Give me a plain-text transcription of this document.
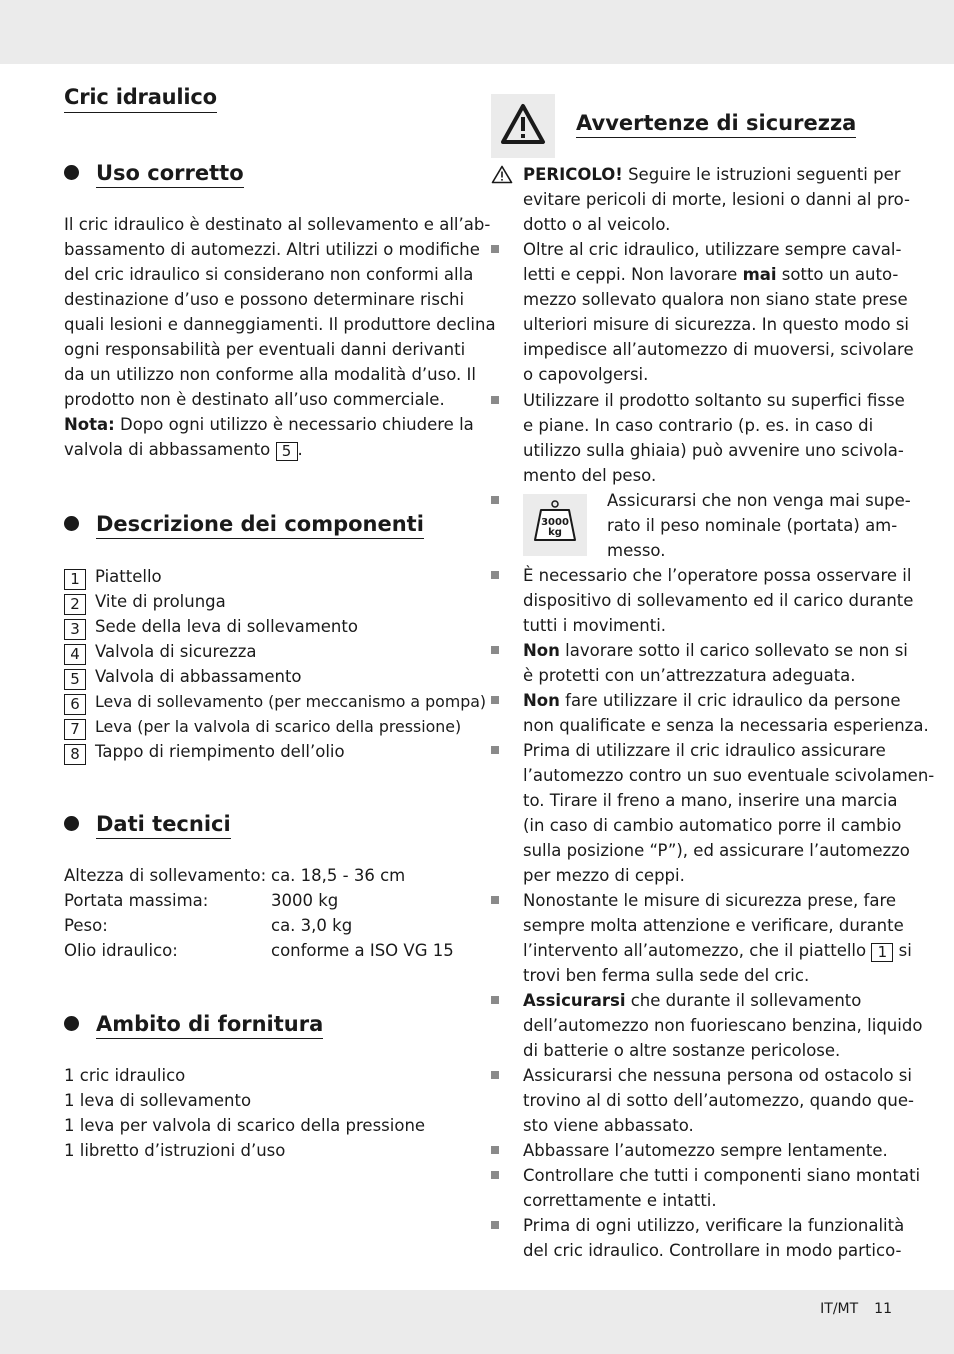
Cric idraulico
Uso corretto
Il cric idraulico è destinato al sollevamento e all’ab-
bassamento di automezzi. Altri utilizzi o modifiche
del cric idraulico si considerano non conformi alla
destinazione d’uso e possono determinare rischi
quali lesioni e danneggiamenti. Il produttore declina
ogni responsabilità per eventuali danni derivanti
da un utilizzo non conforme alla modalità d’uso. Il
prodotto non è destinato all’uso commerciale.
Nota: Dopo ogni utilizzo è necessario chiudere la
valvola di abbassamento 5 .
Descrizione dei componenti
1 Piattello
2 Vite di prolunga
3 Sede della leva di sollevamento
4 Valvola di sicurezza
5 Valvola di abbassamento
6 Leva di sollevamento (per meccanismo a pompa)
7 Leva (per la valvola di scarico della pressione)
8 Tappo di riempimento dell’olio
Dati tecnici
Altezza di sollevamento: ca. 18,5 - 36 cm
Portata massima:	3000 kg
Peso:	ca. 3,0 kg
Olio idraulico:	conforme a ISO VG 15
Ambito di fornitura
1 cric idraulico
1 leva di sollevamento
1 leva per valvola di scarico della pressione
1 libretto d’istruzioni d’uso
Avvertenze di sicurezza
PERICOLO! Seguire le istruzioni seguenti per
evitare pericoli di morte, lesioni o danni al pro-
dotto o al veicolo.
Oltre al cric idraulico, utilizzare sempre caval-
letti e ceppi. Non lavorare mai sotto un auto-
mezzo sollevato qualora non siano state prese
ulteriori misure di sicurezza. In questo modo si
impedisce all’automezzo di muoversi, scivolare
o capovolgersi.
Utilizzare il prodotto soltanto su superfici fisse
e piane. In caso contrario (p. es. in caso di
utilizzo sulla ghiaia) può avvenire uno scivola-
mento del peso.
Assicurarsi che non venga mai supe-
rato il peso nominale (portata) am-
messo.
3000
kg
È necessario che l’operatore possa osservare il
dispositivo di sollevamento ed il carico durante
tutti i movimenti.
Non lavorare sotto il carico sollevato se non si
è protetti con un’attrezzatura adeguata.
Non fare utilizzare il cric idraulico da persone
non qualificate e senza la necessaria esperienza.
Prima di utilizzare il cric idraulico assicurare
l’automezzo contro un suo eventuale scivolamen-
to. Tirare il freno a mano, inserire una marcia
(in caso di cambio automatico porre il cambio
sulla posizione “P”), ed assicurare l’automezzo
per mezzo di ceppi.
Nonostante le misure di sicurezza prese, fare
sempre molta attenzione e verificare, durante
l’intervento all’automezzo, che il piattello 1 si
trovi ben ferma sulla sede del cric.
Assicurarsi che durante il sollevamento
dell’automezzo non fuoriescano benzina, liquido
di batterie o altre sostanze pericolose.
Assicurarsi che nessuna persona od ostacolo si
trovino al di sotto dell’automezzo, quando que-
sto viene abbassato.
Abbassare l’automezzo sempre lentamente.
Controllare che tutti i componenti siano montati
correttamente e intatti.
Prima di ogni utilizzo, verificare la funzionalità
del cric idraulico. Controllare in modo partico-
IT/MT 11
